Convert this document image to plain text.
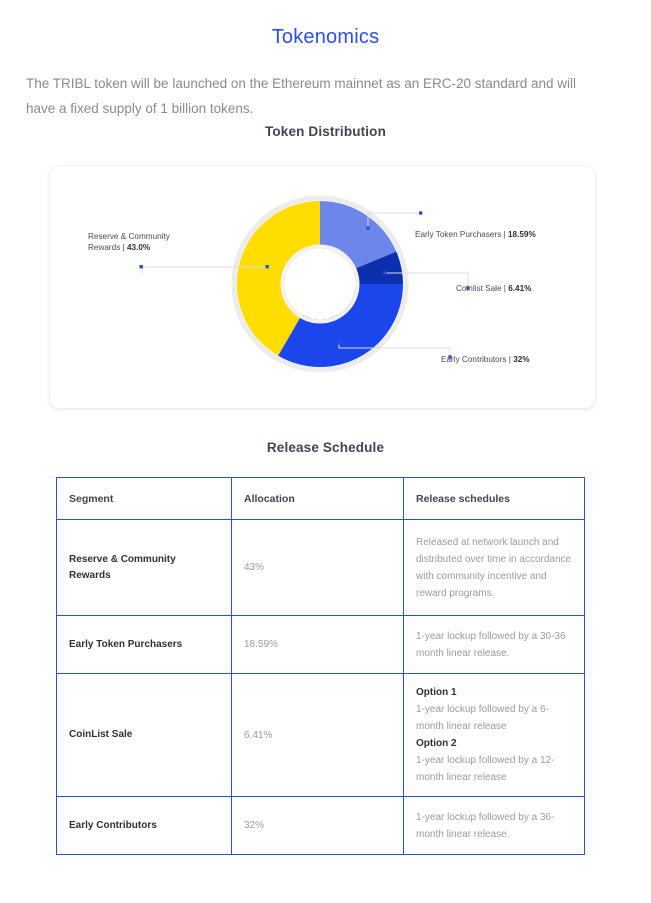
Tokenomics

The TRIBL token will be launched on the Ethereum mainnet as an ERC-20 standard and will have a fixed supply of 1 billion tokens.

Token Distribution
Reserve & Community
Rewards | 43.0%
Early Token Purchasers | 18.59%
Coinlist Sale | 6.41%
Early Contributors | 32%
Release Schedule
Segment	Allocation	Release schedules
Reserve & Community Rewards	43%	Released at network launch and distributed over time in accordance with community incentive and reward programs.
Early Token Purchasers	18.59%	1-year lockup followed by a 30-36 month linear release.
CoinList Sale	6.41%	Option 1
1-year lockup followed by a 6-month linear release
Option 2
1-year lockup followed by a 12-month linear release

Early Contributors	32%	1-year lockup followed by a 36-month linear release.
